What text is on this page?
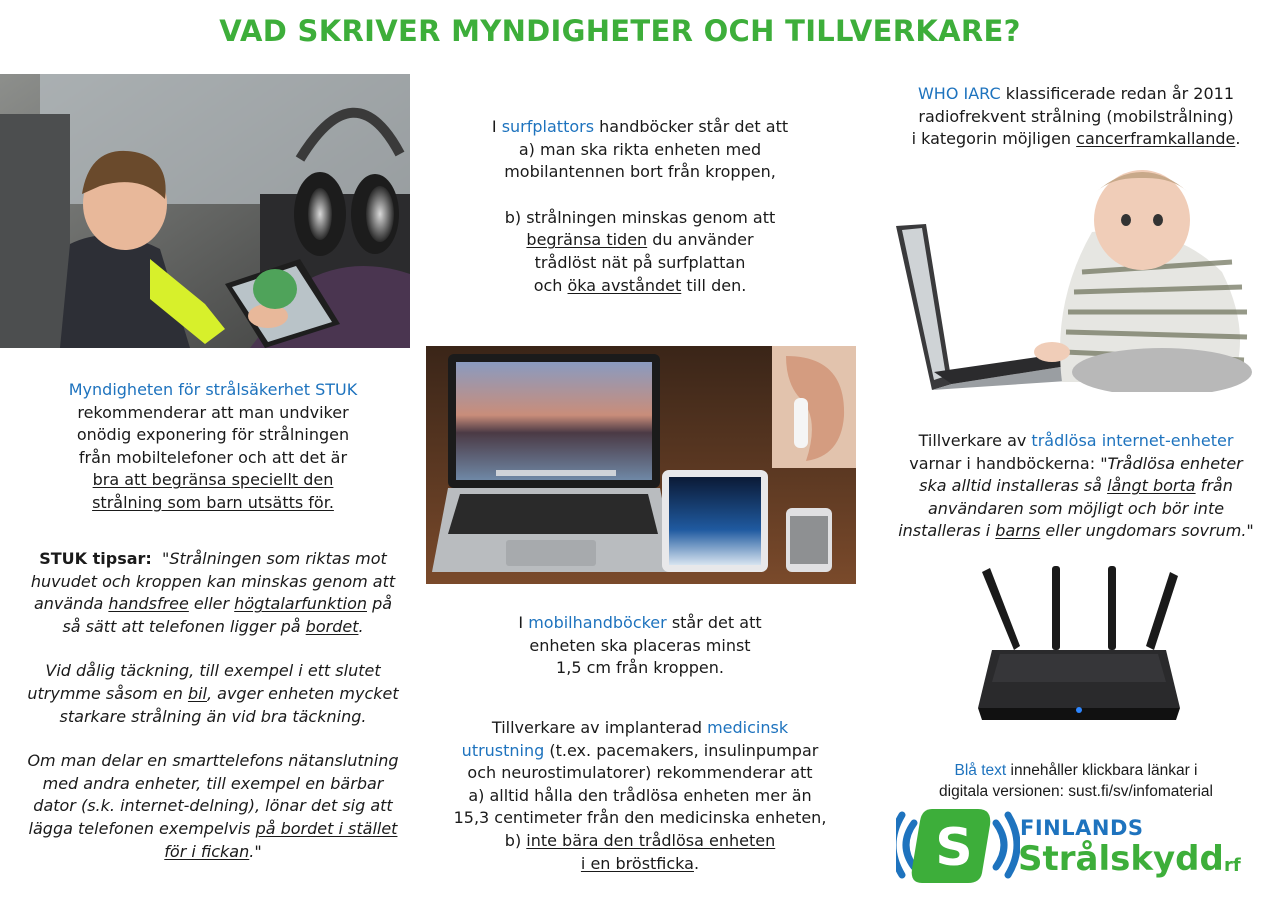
VAD SKRIVER MYNDIGHETER OCH TILLVERKARE?
Myndigheten för strålsäkerhet STUK
rekommenderar att man undviker
onödig exponering för strålningen
från mobiltelefoner och att det är
bra att begränsa speciellt den
strålning som barn utsätts för.
STUK tipsar: "Strålningen som riktas mot
huvudet och kroppen kan minskas genom att
använda handsfree eller högtalarfunktion på
så sätt att telefonen ligger på bordet.
Vid dålig täckning, till exempel i ett slutet
utrymme såsom en bil, avger enheten mycket
starkare strålning än vid bra täckning.
Om man delar en smarttelefons nätanslutning
med andra enheter, till exempel en bärbar
dator (s.k. internet-delning), lönar det sig att
lägga telefonen exempelvis på bordet i stället
för i fickan."
I surfplattors handböcker står det att
a) man ska rikta enheten med
mobilantennen bort från kroppen,
b) strålningen minskas genom att
begränsa tiden du använder
trådlöst nät på surfplattan
och öka avståndet till den.
I mobilhandböcker står det att
enheten ska placeras minst
1,5 cm från kroppen.
Tillverkare av implanterad medicinsk
utrustning (t.ex. pacemakers, insulinpumpar
och neurostimulatorer) rekommenderar att
a) alltid hålla den trådlösa enheten mer än
15,3 centimeter från den medicinska enheten,
b) inte bära den trådlösa enheten
i en bröstficka.
WHO IARC klassificerade redan år 2011
radiofrekvent strålning (mobilstrålning)
i kategorin möjligen cancerframkallande.
Tillverkare av trådlösa internet-enheter
varnar i handböckerna: "Trådlösa enheter
ska alltid installeras så långt borta från
användaren som möjligt och bör inte
installeras i barns eller ungdomars sovrum."
Blå text innehåller klickbara länkar i
digitala versionen: sust.fi/sv/infomaterial
S FINLANDS
Strålskydd rf
